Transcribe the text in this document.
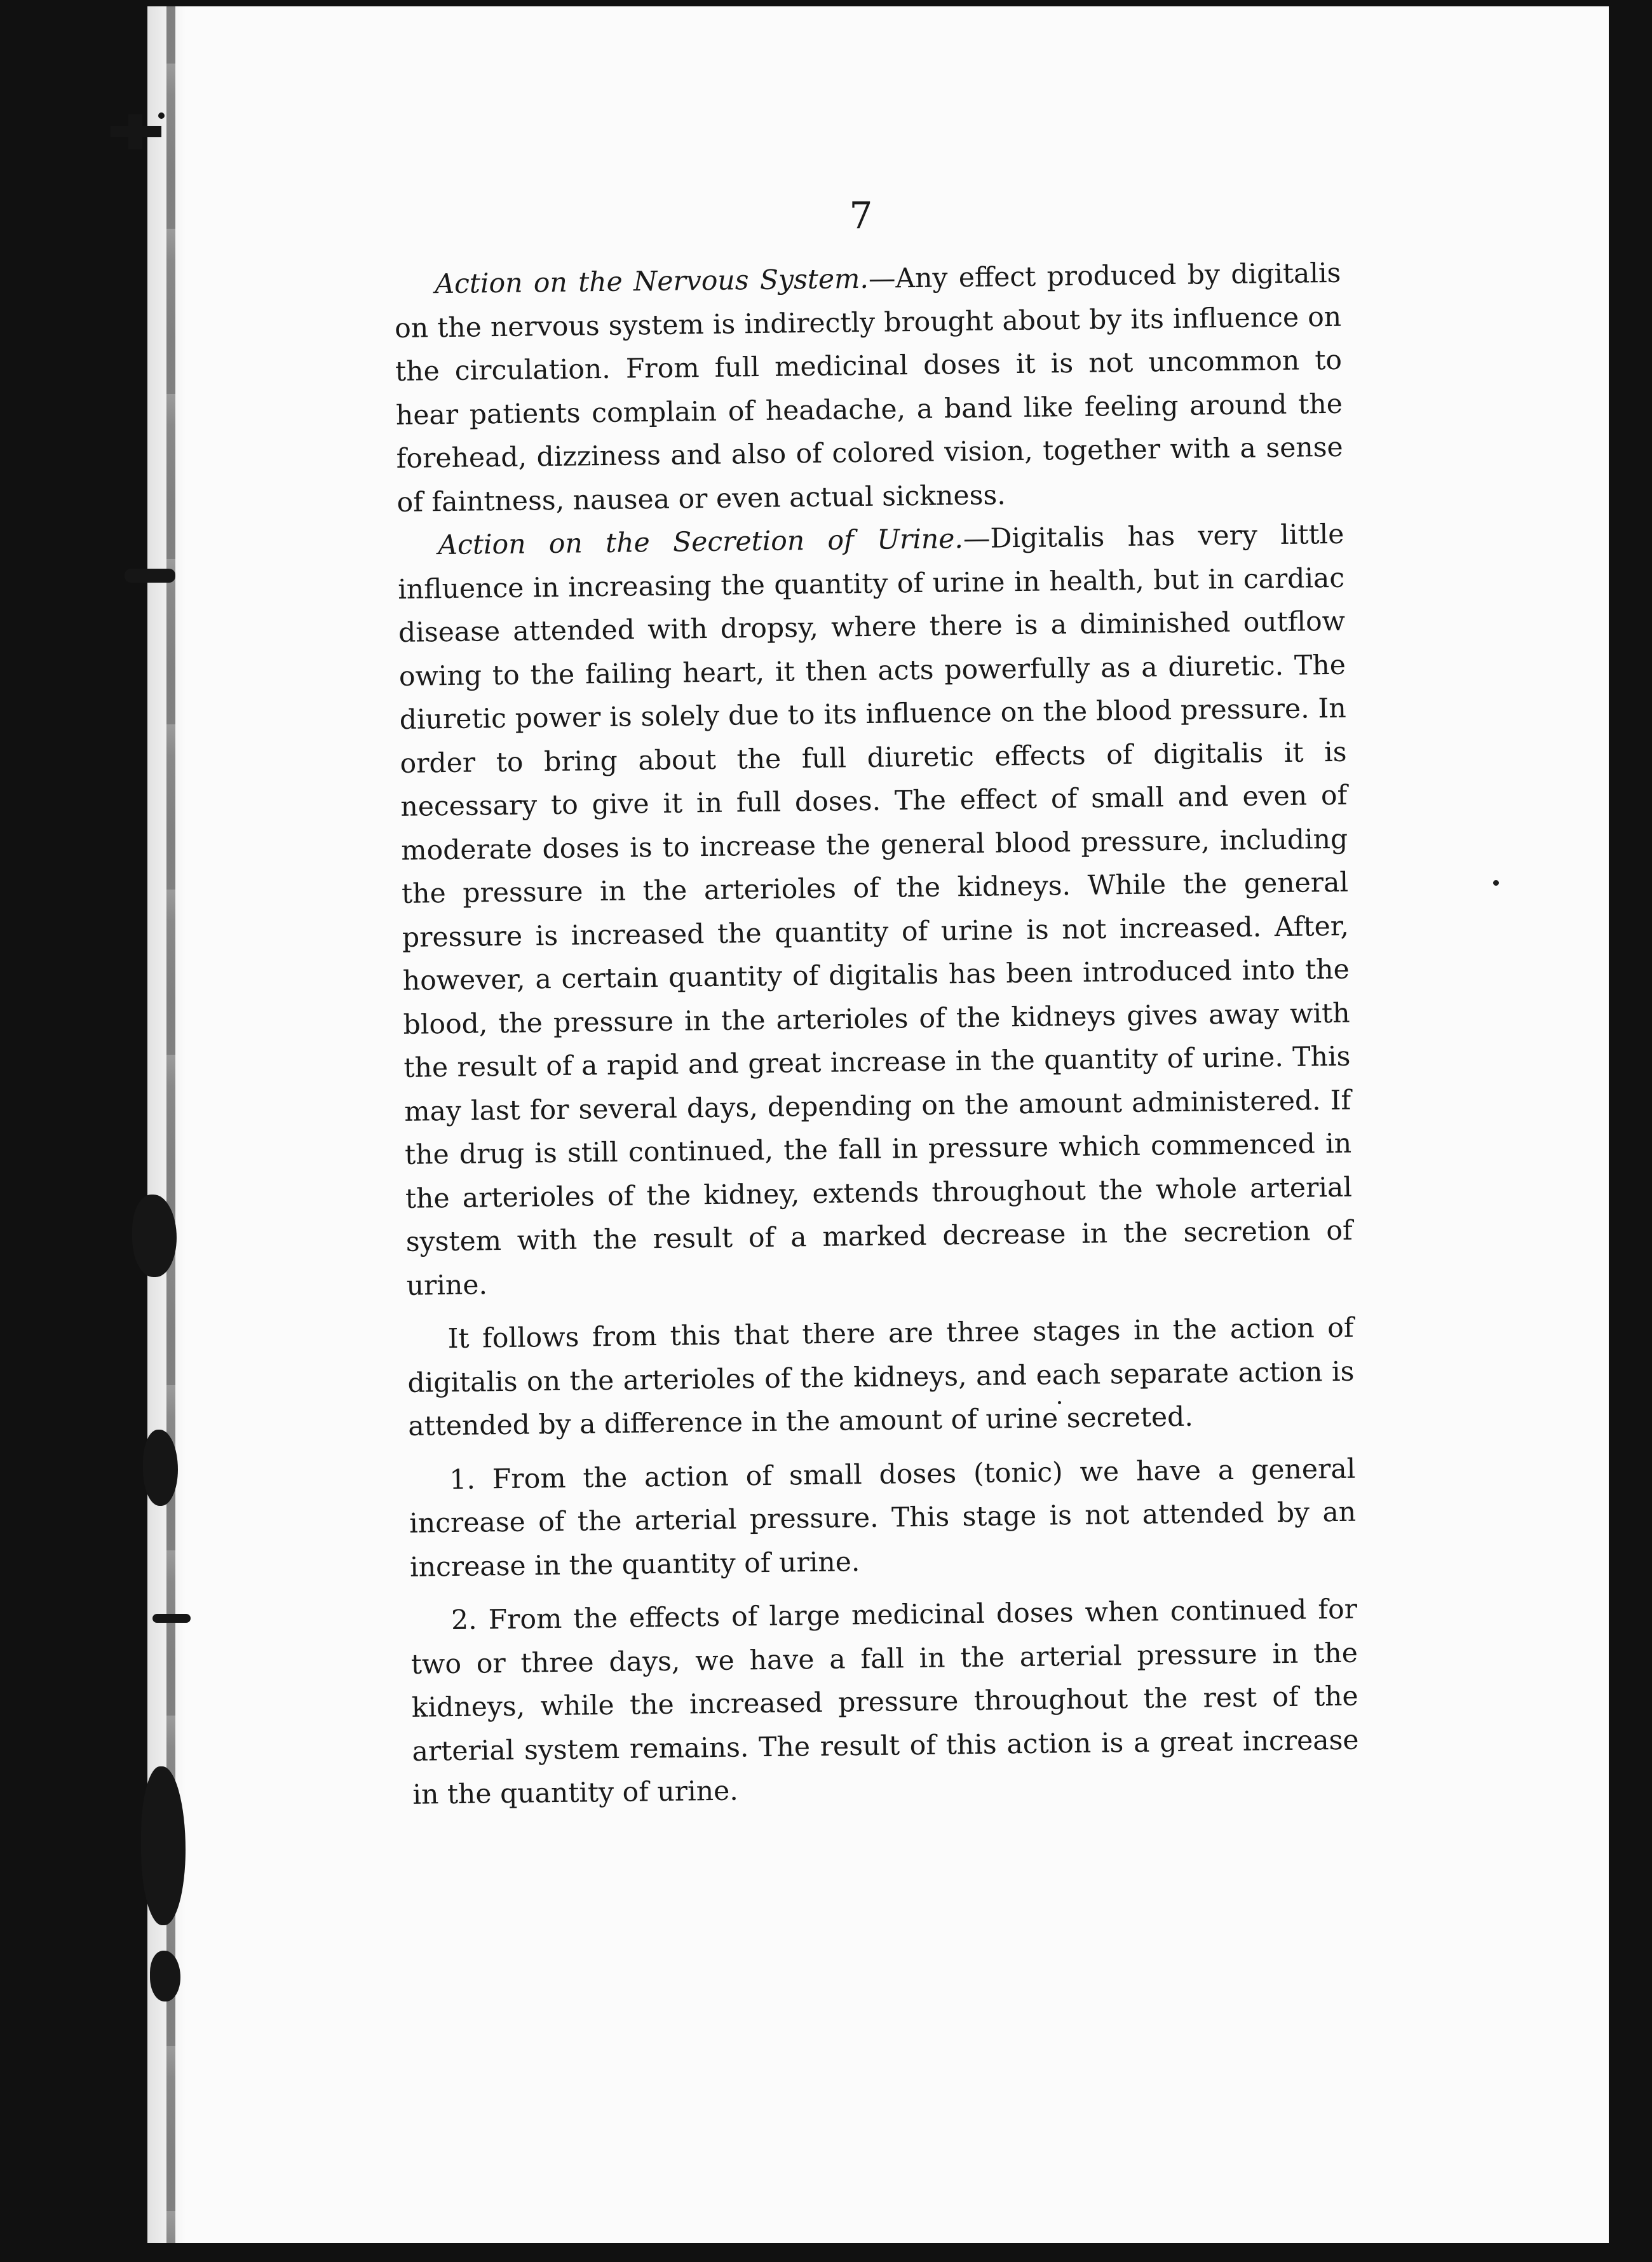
7

Action on the Nervous System.—Any effect produced by digitalis on the nervous system is indirectly brought about by its influence on the circulation. From full medicinal doses it is not uncommon to hear patients complain of headache, a band like feeling around the forehead, dizziness and also of colored vision, together with a sense of faintness, nausea or even actual sickness.

Action on the Secretion of Urine.—Digitalis has very little influence in increasing the quantity of urine in health, but in cardiac disease attended with dropsy, where there is a diminished outflow owing to the failing heart, it then acts powerfully as a diuretic. The diuretic power is solely due to its influence on the blood pressure. In order to bring about the full diuretic effects of digitalis it is necessary to give it in full doses. The effect of small and even of moderate doses is to increase the general blood pressure, including the pressure in the arterioles of the kidneys. While the general pressure is increased the quantity of urine is not increased. After, however, a certain quantity of digitalis has been introduced into the blood, the pressure in the arterioles of the kidneys gives away with the result of a rapid and great increase in the quantity of urine. This may last for several days, depending on the amount administered. If the drug is still continued, the fall in pressure which commenced in the arterioles of the kidney, extends throughout the whole arterial system with the result of a marked decrease in the secretion of urine.

It follows from this that there are three stages in the action of digitalis on the arterioles of the kidneys, and each separate action is attended by a difference in the amount of urine secreted.

1. From the action of small doses (tonic) we have a general increase of the arterial pressure. This stage is not attended by an increase in the quantity of urine.

2. From the effects of large medicinal doses when continued for two or three days, we have a fall in the arterial pressure in the kidneys, while the increased pressure throughout the rest of the arterial system remains. The result of this action is a great increase in the quantity of urine.
